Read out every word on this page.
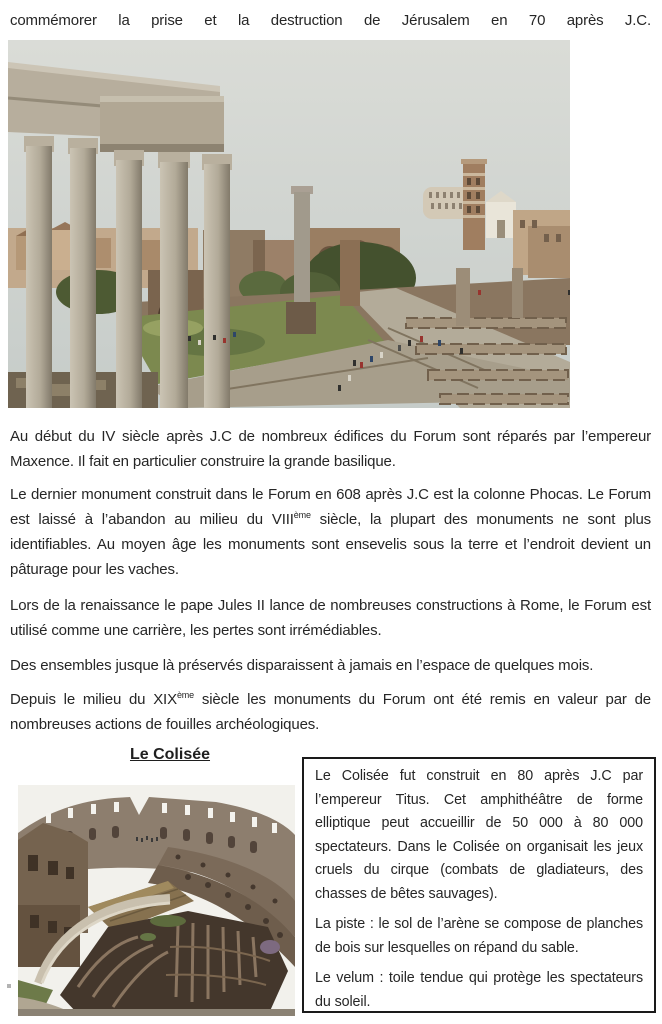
commémorer la prise et la destruction de Jérusalem en 70 après J.C.

Au début du IV siècle après J.C de nombreux édifices du Forum sont réparés par l’empereur Maxence. Il fait en particulier construire la grande basilique.

Le dernier monument construit dans le Forum en 608 après J.C est la colonne Phocas. Le Forum est laissé à l’abandon au milieu du VIIIème siècle, la plupart des monuments ne sont plus identifiables. Au moyen âge les monuments sont ensevelis sous la terre et l’endroit devient un pâturage pour les vaches.

Lors de la renaissance le pape Jules II lance de nombreuses constructions à Rome, le Forum est utilisé comme une carrière, les pertes sont irrémédiables.

Des ensembles jusque là préservés disparaissent à jamais en l’espace de quelques mois.

Depuis le milieu du XIXème siècle les monuments du Forum ont été remis en valeur par de nombreuses actions de fouilles archéologiques.

Le Colisée

Le Colisée fut construit en 80 après J.C par l’empereur Titus. Cet amphithéâtre de forme elliptique peut accueillir de 50 000 à 80 000 spectateurs. Dans le Colisée on organisait les jeux cruels du cirque (combats de gladiateurs, des chasses de bêtes sauvages).

La piste : le sol de l’arène se compose de planches de bois sur lesquelles on répand du sable.

Le velum : toile tendue qui protège les spectateurs du soleil.
